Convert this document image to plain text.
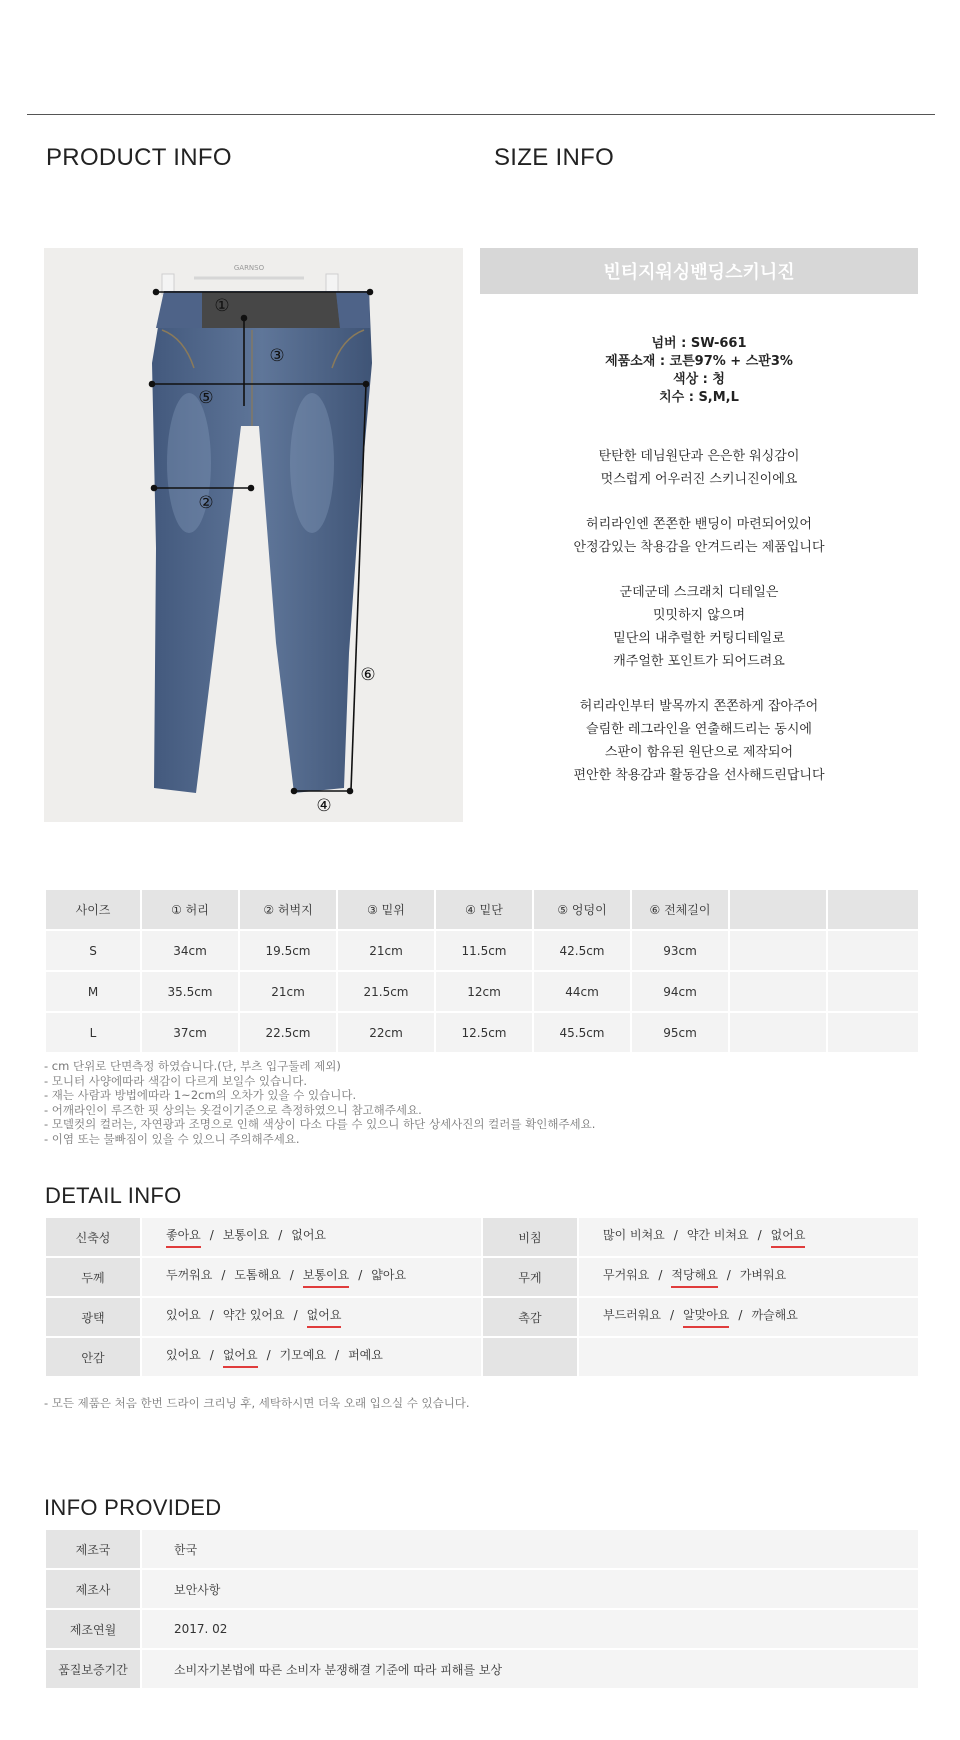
PRODUCT INFO	SIZE INFO
GARNSO
①
③
⑤
②
⑥
④
빈티지워싱밴딩스키니진
넘버 : SW-661
제품소재 : 코튼97% + 스판3%
색상 : 청
치수 : S,M,L

탄탄한 데님원단과 은은한 워싱감이
멋스럽게 어우러진 스키니진이에요

허리라인엔 쫀쫀한 밴딩이 마련되어있어
안정감있는 착용감을 안겨드리는 제품입니다

군데군데 스크래치 디테일은
밋밋하지 않으며
밑단의 내추럴한 커팅디테일로
캐주얼한 포인트가 되어드려요

허리라인부터 발목까지 쫀쫀하게 잡아주어
슬림한 레그라인을 연출해드리는 동시에
스판이 함유된 원단으로 제작되어
편안한 착용감과 활동감을 선사해드린답니다

사이즈	① 허리	② 허벅지	③ 밑위	④ 밑단	⑤ 엉덩이	⑥ 전체길이		
S	34cm	19.5cm	21cm	11.5cm	42.5cm	93cm		
M	35.5cm	21cm	21.5cm	12cm	44cm	94cm		
L	37cm	22.5cm	22cm	12.5cm	45.5cm	95cm		
- cm 단위로 단면측정 하였습니다.(단, 부츠 입구둘레 제외)
- 모니터 사양에따라 색감이 다르게 보일수 있습니다.
- 재는 사람과 방법에따라 1~2cm의 오차가 있을 수 있습니다.
- 어깨라인이 루즈한 핏 상의는 옷걸이기준으로 측정하였으니 참고해주세요.
- 모델컷의 컬러는, 자연광과 조명으로 인해 색상이 다소 다를 수 있으니 하단 상세사진의 컬러를 확인해주세요.
- 이염 또는 물빠짐이 있을 수 있으니 주의해주세요.
DETAIL INFO
신축성	좋아요 / 보통이요 / 없어요	비침	많이 비쳐요 / 약간 비쳐요 / 없어요
두께	두꺼워요 / 도톰해요 / 보통이요 / 얇아요	무게	무거워요 / 적당해요 / 가벼워요
광택	있어요 / 약간 있어요 / 없어요	촉감	부드러워요 / 알맞아요 / 까슬해요
안감	있어요 / 없어요 / 기모예요 / 퍼예요		
- 모든 제품은 처음 한번 드라이 크리닝 후, 세탁하시면 더욱 오래 입으실 수 있습니다.
INFO PROVIDED
제조국	한국
제조사	보안사항
제조연월	2017. 02
품질보증기간	소비자기본법에 따른 소비자 분쟁해결 기준에 따라 피해를 보상
